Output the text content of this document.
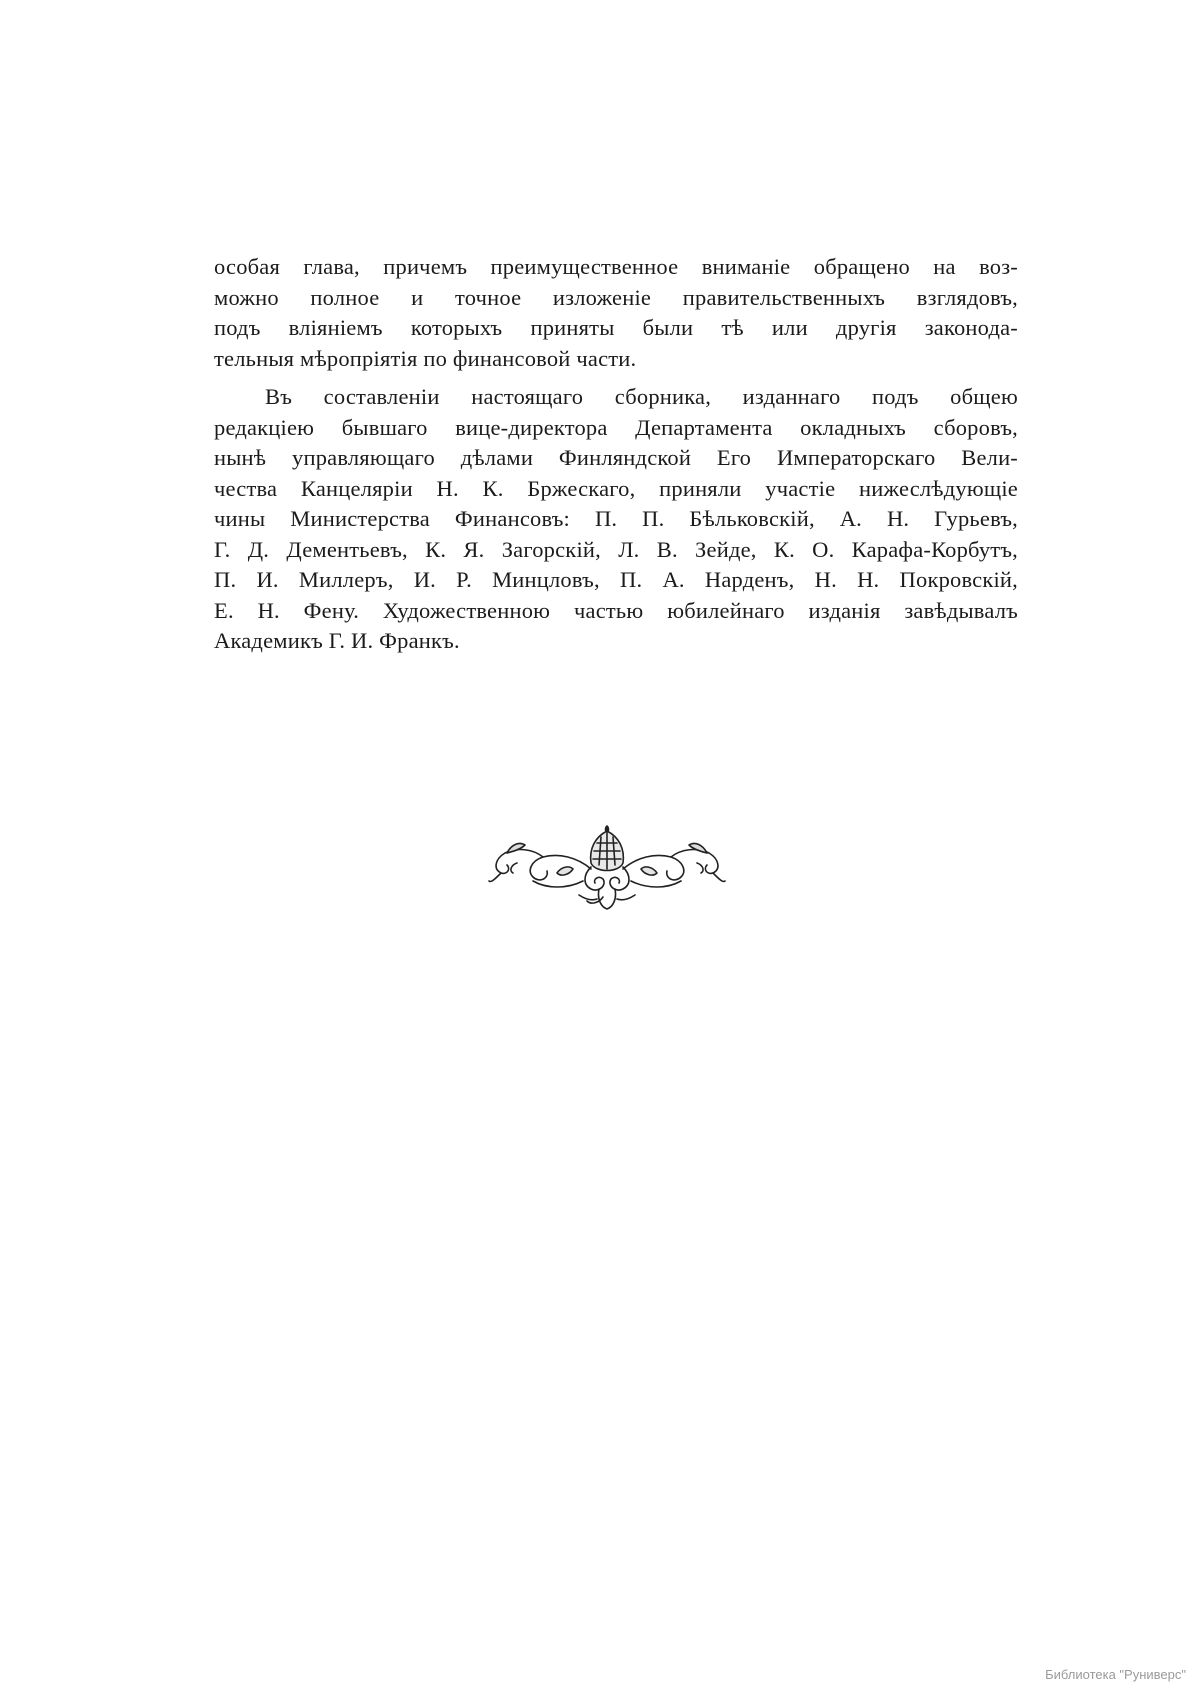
особая глава, причемъ преимущественное вниманіе обращено на воз-
можно полное и точное изложеніе правительственныхъ взглядовъ,
подъ вліяніемъ которыхъ приняты были тѣ или другія законода-
тельныя мѣропріятія по финансовой части.
Въ составленіи настоящаго сборника, изданнаго подъ общею
редакціею бывшаго вице-директора Департамента окладныхъ сборовъ,
нынѣ управляющаго дѣлами Финляндской Его Императорскаго Вели-
чества Канцеляріи Н. К. Бржескаго, приняли участіе нижеслѣдующіе
чины Министерства Финансовъ: П. П. Бѣльковскій, А. Н. Гурьевъ,
Г. Д. Дементьевъ, К. Я. Загорскій, Л. В. Зейде, К. О. Карафа-Корбутъ,
П. И. Миллеръ, И. Р. Минцловъ, П. А. Нарденъ, Н. Н. Покровскій,
Е. Н. Фену. Художественною частью юбилейнаго изданія завѣдывалъ
Академикъ Г. И. Франкъ.
Библиотека "Руниверс"
